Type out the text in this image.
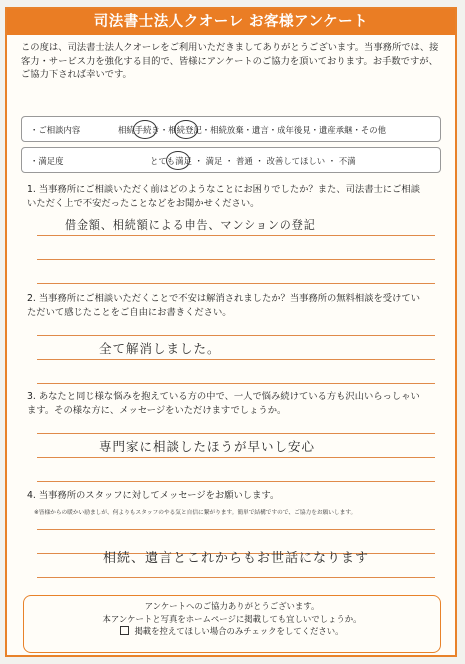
司法書士法人クオーレ お客様アンケート
この度は、司法書士法人クオーレをご利用いただきましてありがとうございます。当事務所では、接客力・サービス力を強化する目的で、皆様にアンケートのご協力を頂いております。お手数ですが、ご協力下されば幸いです。
・ご相談内容	相続手続き・相続登記・相続放棄・遺言・成年後見・遺産承継・その他
・満足度	とても満足 ・ 満足 ・ 普通 ・ 改善してほしい ・ 不満
1. 当事務所にご相談いただく前はどのようなことにお困りでしたか？また、司法書士にご相談いただく上で不安だったことなどをお聞かせください。
借金額、相続額による申告、マンションの登記
2. 当事務所にご相談いただくことで不安は解消されましたか？当事務所の無料相談を受けていただいて感じたことをご自由にお書きください。
全て解消しました。
3. あなたと同じ様な悩みを抱えている方の中で、一人で悩み続けている方も沢山いらっしゃいます。その様な方に、メッセージをいただけますでしょうか。
専門家に相談したほうが早いし安心
4. 当事務所のスタッフに対してメッセージをお願いします。
※皆様からの暖かい励ましが、何よりもスタッフのやる気と自信に繋がります。簡単で結構ですので、ご協力をお願いします。
相続、遺言とこれからもお世話になります
アンケートへのご協力ありがとうございます。
本アンケートと写真をホームページに掲載しても宜しいでしょうか。
掲載を控えてほしい場合のみチェックをしてください。
